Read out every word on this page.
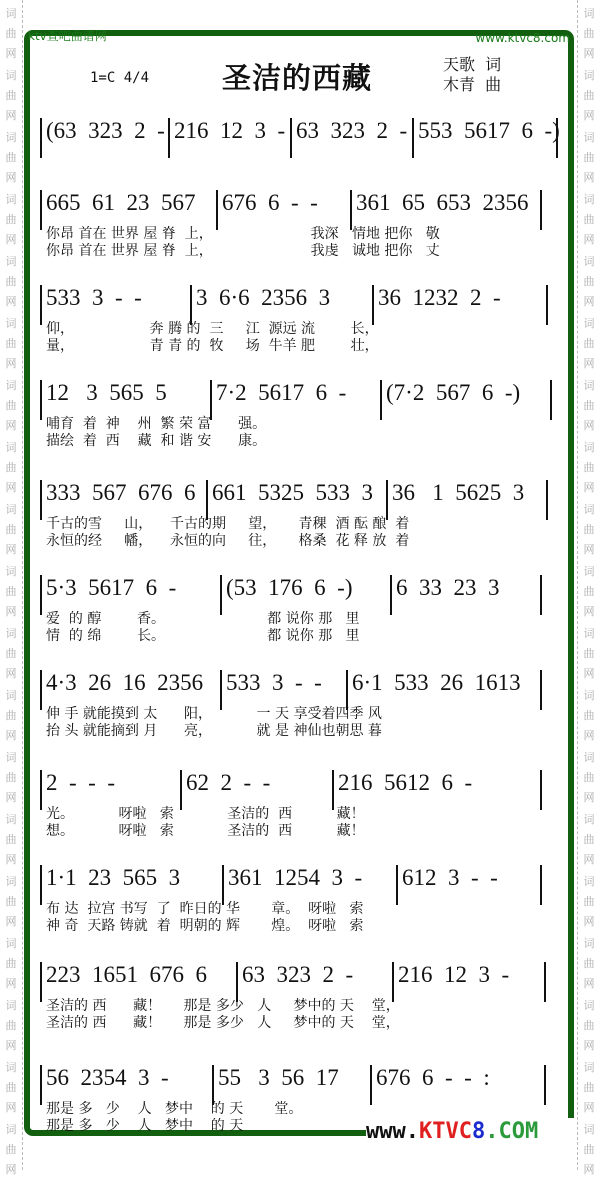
词
曲
网
词
曲
网
词
曲
网
词
曲
网
词
曲
网
词
曲
网
词
曲
网
词
曲
网
词
曲
网
词
曲
网
词
曲
网
词
曲
网
词
曲
网
词
曲
网
词
曲
网
词
曲
网
词
曲
网
词
曲
网
词
曲
网
词
曲
网
词
曲
网
词
曲
网
词
曲
网
词
曲
网
词
曲
网
词
曲
网
词
曲
网
词
曲
网
词
曲
网
词
曲
网
词
曲
网
词
曲
网
词
曲
网
词
曲
网
词
曲
网
词
曲
网
词
曲
网
词
曲
网
ktv查吧曲谱网	www.ktvc8.com
1=C 4/4	圣洁的西藏	天歌  词
木青  曲
(63  323  2  - 216  12  3  - 63  323  2  - 553  5617  6  -)
665  61  23  567 676  6  -  - 361  65  653  2356
你昂 首在 世界 屋 脊  上，                      我深   情地 把你   敬
你昂 首在 世界 屋 脊  上，                      我虔   诚地 把你   丈
533  3  -  - 3  6·6  2356  3 36  1232  2  -
仰，                 奔 腾 的  三     江  源远 流        长，
量，                 青 青 的  牧     场  牛羊 肥        壮，
12   3  565  5 7·2  5617  6  - (7·2  567  6  -)
哺育  着  神    州  繁 荣 富      强。
描绘  着  西    藏  和 谐 安      康。
333  567  676  6 661  5325  533  3 36   1  5625  3
千古的雪     山，    千古的期     望，     青稞  酒 酝 酿  着
永恒的经     幡，    永恒的向     往，     格桑  花 释 放  着
5·3  5617  6  - (53  176  6  -) 6  33  23  3
爱  的 醇        香。                       都 说你 那   里
情  的 绵        长。                       都 说你 那   里
4·3  26  16  2356 533  3  -  - 6·1  533  26  1613
伸 手 就能摸到 太      阳，          一 天 享受着四季 风
抬 头 就能摘到 月      亮，          就 是 神仙也朝思 暮
2  -  -  -	62  2  -  -	216  5612  6  -
光。          呀啦   索            圣洁的  西          藏！
想。          呀啦   索            圣洁的  西          藏！
1·1  23  565  3 361  1254  3  - 612  3  -  -
布 达  拉宫 书写  了  昨日的 华       章。  呀啦   索
神 奇  天路 铸就  着  明朝的 辉       煌。  呀啦   索
223  1651  676  6 63  323  2  - 216  12  3  -
圣洁的 西      藏！     那是 多少   人     梦中的 天    堂，
圣洁的 西      藏！     那是 多少   人     梦中的 天    堂，
56  2354  3  - 55   3  56  17 676  6  -  -  :
那是 多   少    人   梦中    的 天       堂。
那是 多   少    人   梦中    的 天	www.KTVC8.COM
